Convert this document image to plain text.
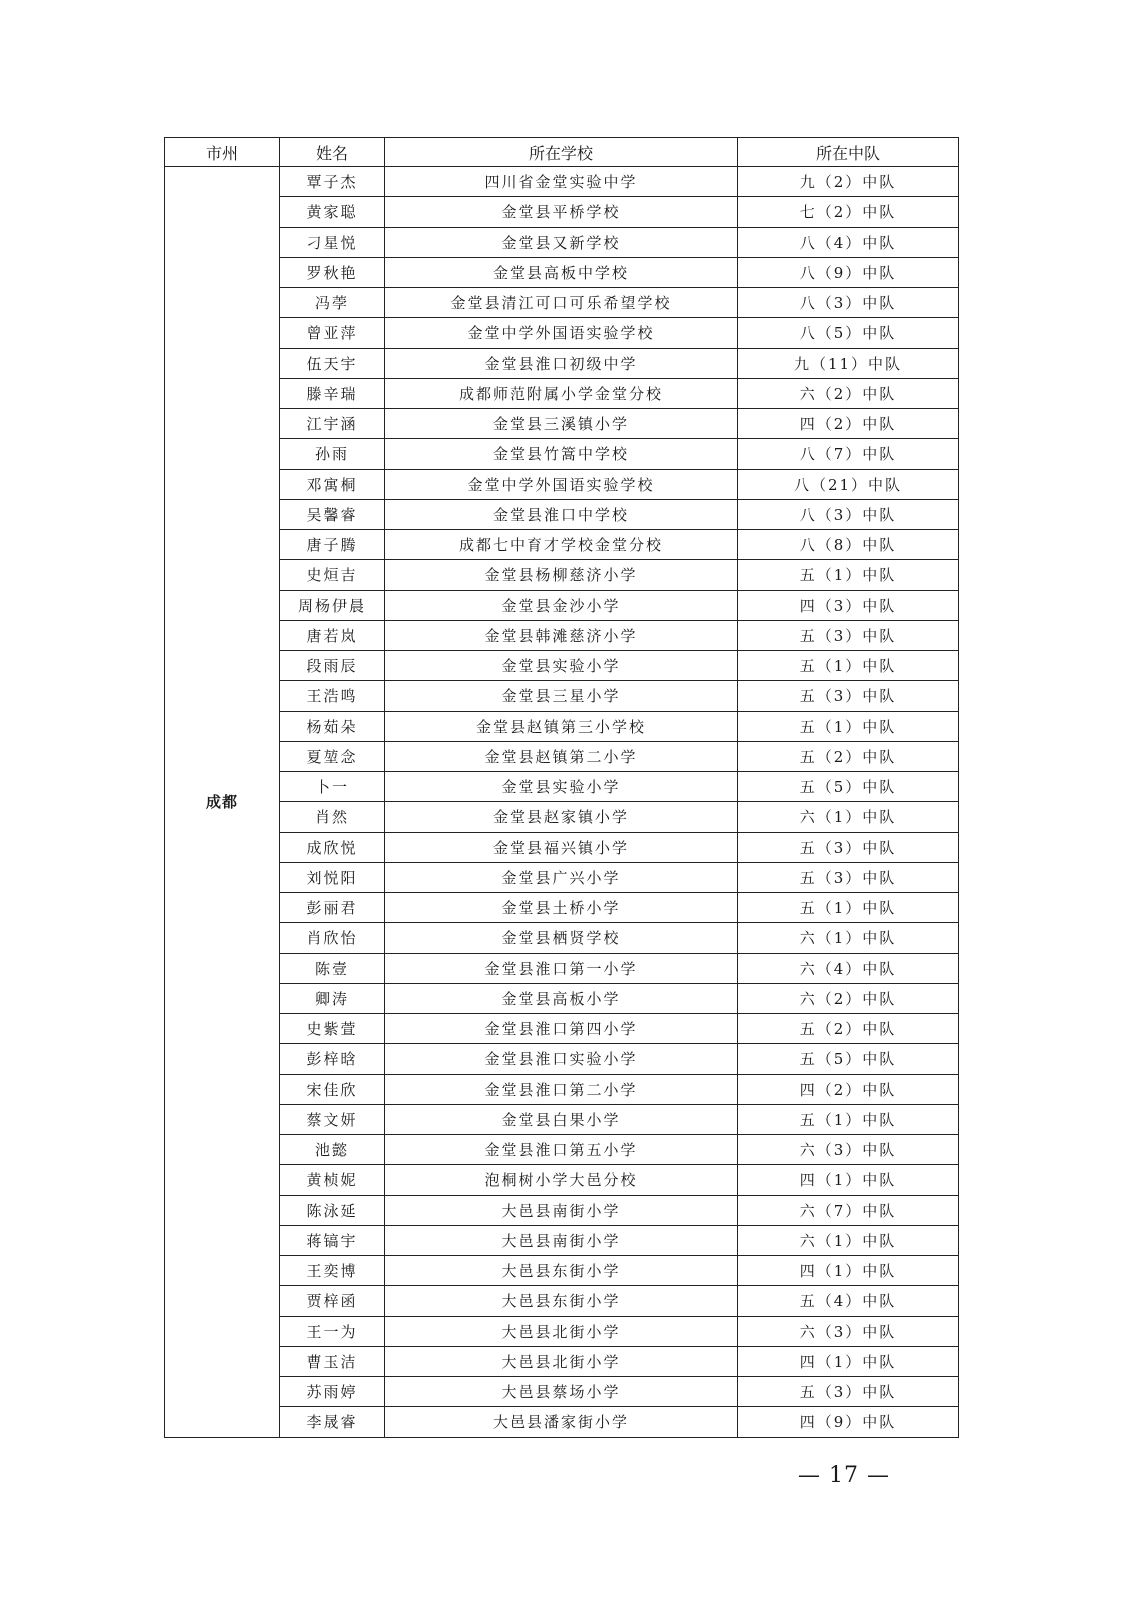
市州	姓名	所在学校	所在中队
成都	覃子杰	四川省金堂实验中学	九（2）中队
	黄家聪	金堂县平桥学校	七（2）中队
	刁星悦	金堂县又新学校	八（4）中队
	罗秋艳	金堂县高板中学校	八（9）中队
	冯荸	金堂县清江可口可乐希望学校	八（3）中队
	曾亚萍	金堂中学外国语实验学校	八（5）中队
	伍天宇	金堂县淮口初级中学	九（11）中队
	滕辛瑞	成都师范附属小学金堂分校	六（2）中队
	江宇涵	金堂县三溪镇小学	四（2）中队
	孙雨	金堂县竹篙中学校	八（7）中队
	邓寓桐	金堂中学外国语实验学校	八（21）中队
	吴馨睿	金堂县淮口中学校	八（3）中队
	唐子腾	成都七中育才学校金堂分校	八（8）中队
	史烜吉	金堂县杨柳慈济小学	五（1）中队
	周杨伊晨	金堂县金沙小学	四（3）中队
	唐若岚	金堂县韩滩慈济小学	五（3）中队
	段雨辰	金堂县实验小学	五（1）中队
	王浩鸣	金堂县三星小学	五（3）中队
	杨茹朵	金堂县赵镇第三小学校	五（1）中队
	夏堃念	金堂县赵镇第二小学	五（2）中队
	卜一	金堂县实验小学	五（5）中队
	肖然	金堂县赵家镇小学	六（1）中队
	成欣悦	金堂县福兴镇小学	五（3）中队
	刘悦阳	金堂县广兴小学	五（3）中队
	彭丽君	金堂县土桥小学	五（1）中队
	肖欣怡	金堂县栖贤学校	六（1）中队
	陈壹	金堂县淮口第一小学	六（4）中队
	卿涛	金堂县高板小学	六（2）中队
	史紫萱	金堂县淮口第四小学	五（2）中队
	彭梓晗	金堂县淮口实验小学	五（5）中队
	宋佳欣	金堂县淮口第二小学	四（2）中队
	蔡文妍	金堂县白果小学	五（1）中队
	池懿	金堂县淮口第五小学	六（3）中队
	黄桢妮	泡桐树小学大邑分校	四（1）中队
	陈泳延	大邑县南街小学	六（7）中队
	蒋镐宇	大邑县南街小学	六（1）中队
	王奕博	大邑县东街小学	四（1）中队
	贾梓函	大邑县东街小学	五（4）中队
	王一为	大邑县北街小学	六（3）中队
	曹玉洁	大邑县北街小学	四（1）中队
	苏雨婷	大邑县蔡场小学	五（3）中队
	李晟睿	大邑县潘家街小学	四（9）中队
— 17 —
